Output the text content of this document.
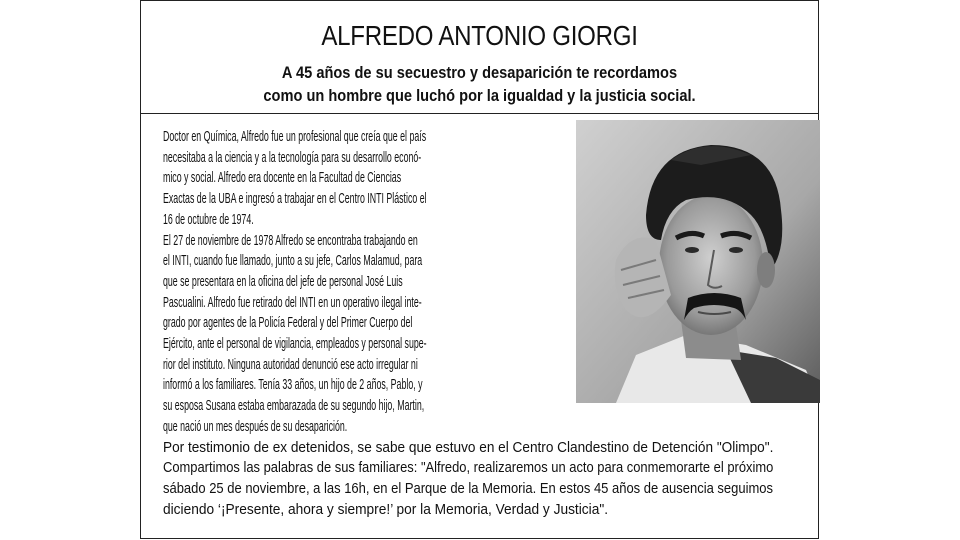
ALFREDO ANTONIO GIORGI
A 45 años de su secuestro y desaparición te recordamos
como un hombre que luchó por la igualdad y la justicia social.
Doctor en Química, Alfredo fue un profesional que creía que el país
necesitaba a la ciencia y a la tecnología para su desarrollo econó-
mico y social. Alfredo era docente en la Facultad de Ciencias
Exactas de la UBA e ingresó a trabajar en el Centro INTI Plástico el
16 de octubre de 1974.
El 27 de noviembre de 1978 Alfredo se encontraba trabajando en
el INTI, cuando fue llamado, junto a su jefe, Carlos Malamud, para
que se presentara en la oficina del jefe de personal José Luis
Pascualini. Alfredo fue retirado del INTI en un operativo ilegal inte-
grado por agentes de la Policía Federal y del Primer Cuerpo del
Ejército, ante el personal de vigilancia, empleados y personal supe-
rior del instituto. Ninguna autoridad denunció ese acto irregular ni
informó a los familiares. Tenía 33 años, un hijo de 2 años, Pablo, y
su esposa Susana estaba embarazada de su segundo hijo, Martin,
que nació un mes después de su desaparición.
Por testimonio de ex detenidos, se sabe que estuvo en el Centro Clandestino de Detención "Olimpo".
Compartimos las palabras de sus familiares: "Alfredo, realizaremos un acto para conmemorarte el próximo
sábado 25 de noviembre, a las 16h, en el Parque de la Memoria. En estos 45 años de ausencia seguimos
diciendo ‘¡Presente, ahora y siempre!’ por la Memoria, Verdad y Justicia".
